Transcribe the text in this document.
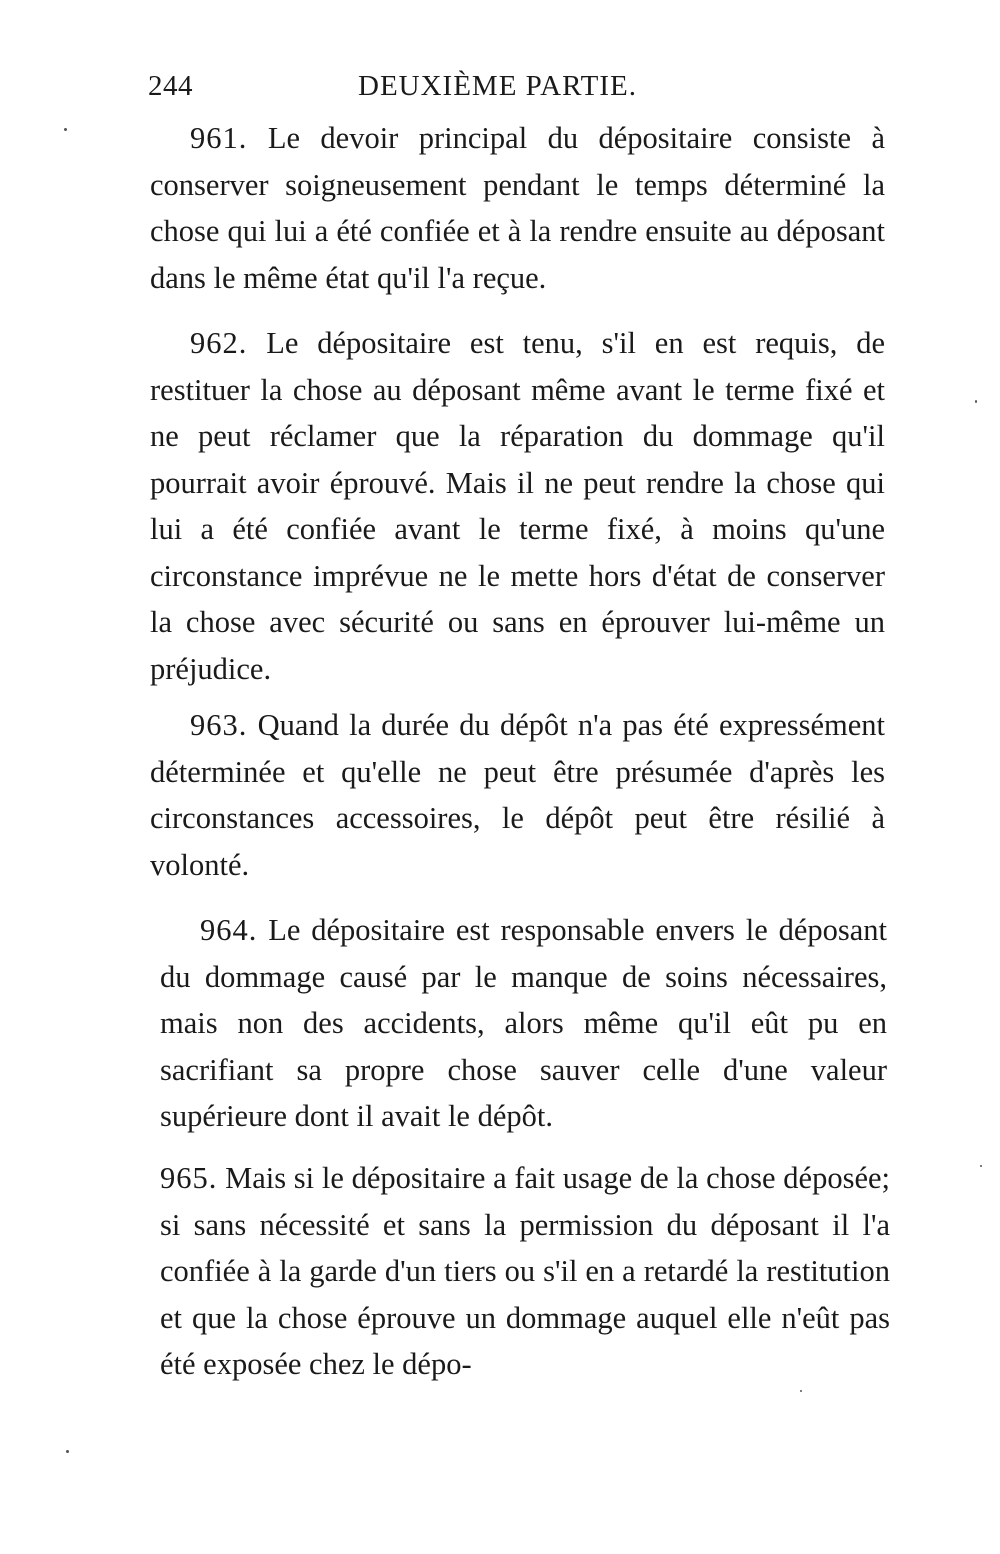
244	DEUXIÈME PARTIE.

961. Le devoir principal du dépositaire consiste à conserver soigneusement pendant le temps déterminé la chose qui lui a été confiée et à la rendre ensuite au déposant dans le même état qu'il l'a reçue.

962. Le dépositaire est tenu, s'il en est requis, de restituer la chose au déposant même avant le terme fixé et ne peut réclamer que la réparation du dommage qu'il pourrait avoir éprouvé. Mais il ne peut rendre la chose qui lui a été confiée avant le terme fixé, à moins qu'une circonstance imprévue ne le mette hors d'état de conserver la chose avec sécurité ou sans en éprouver lui-même un préjudice.

963. Quand la durée du dépôt n'a pas été expressément déterminée et qu'elle ne peut être présumée d'après les circonstances accessoires, le dépôt peut être résilié à volonté.

964. Le dépositaire est responsable envers le déposant du dommage causé par le manque de soins nécessaires, mais non des accidents, alors même qu'il eût pu en sacrifiant sa propre chose sauver celle d'une valeur supérieure dont il avait le dépôt.

965. Mais si le dépositaire a fait usage de la chose déposée; si sans nécessité et sans la permission du déposant il l'a confiée à la garde d'un tiers ou s'il en a retardé la restitution et que la chose éprouve un dommage auquel elle n'eût pas été exposée chez le dépo-
